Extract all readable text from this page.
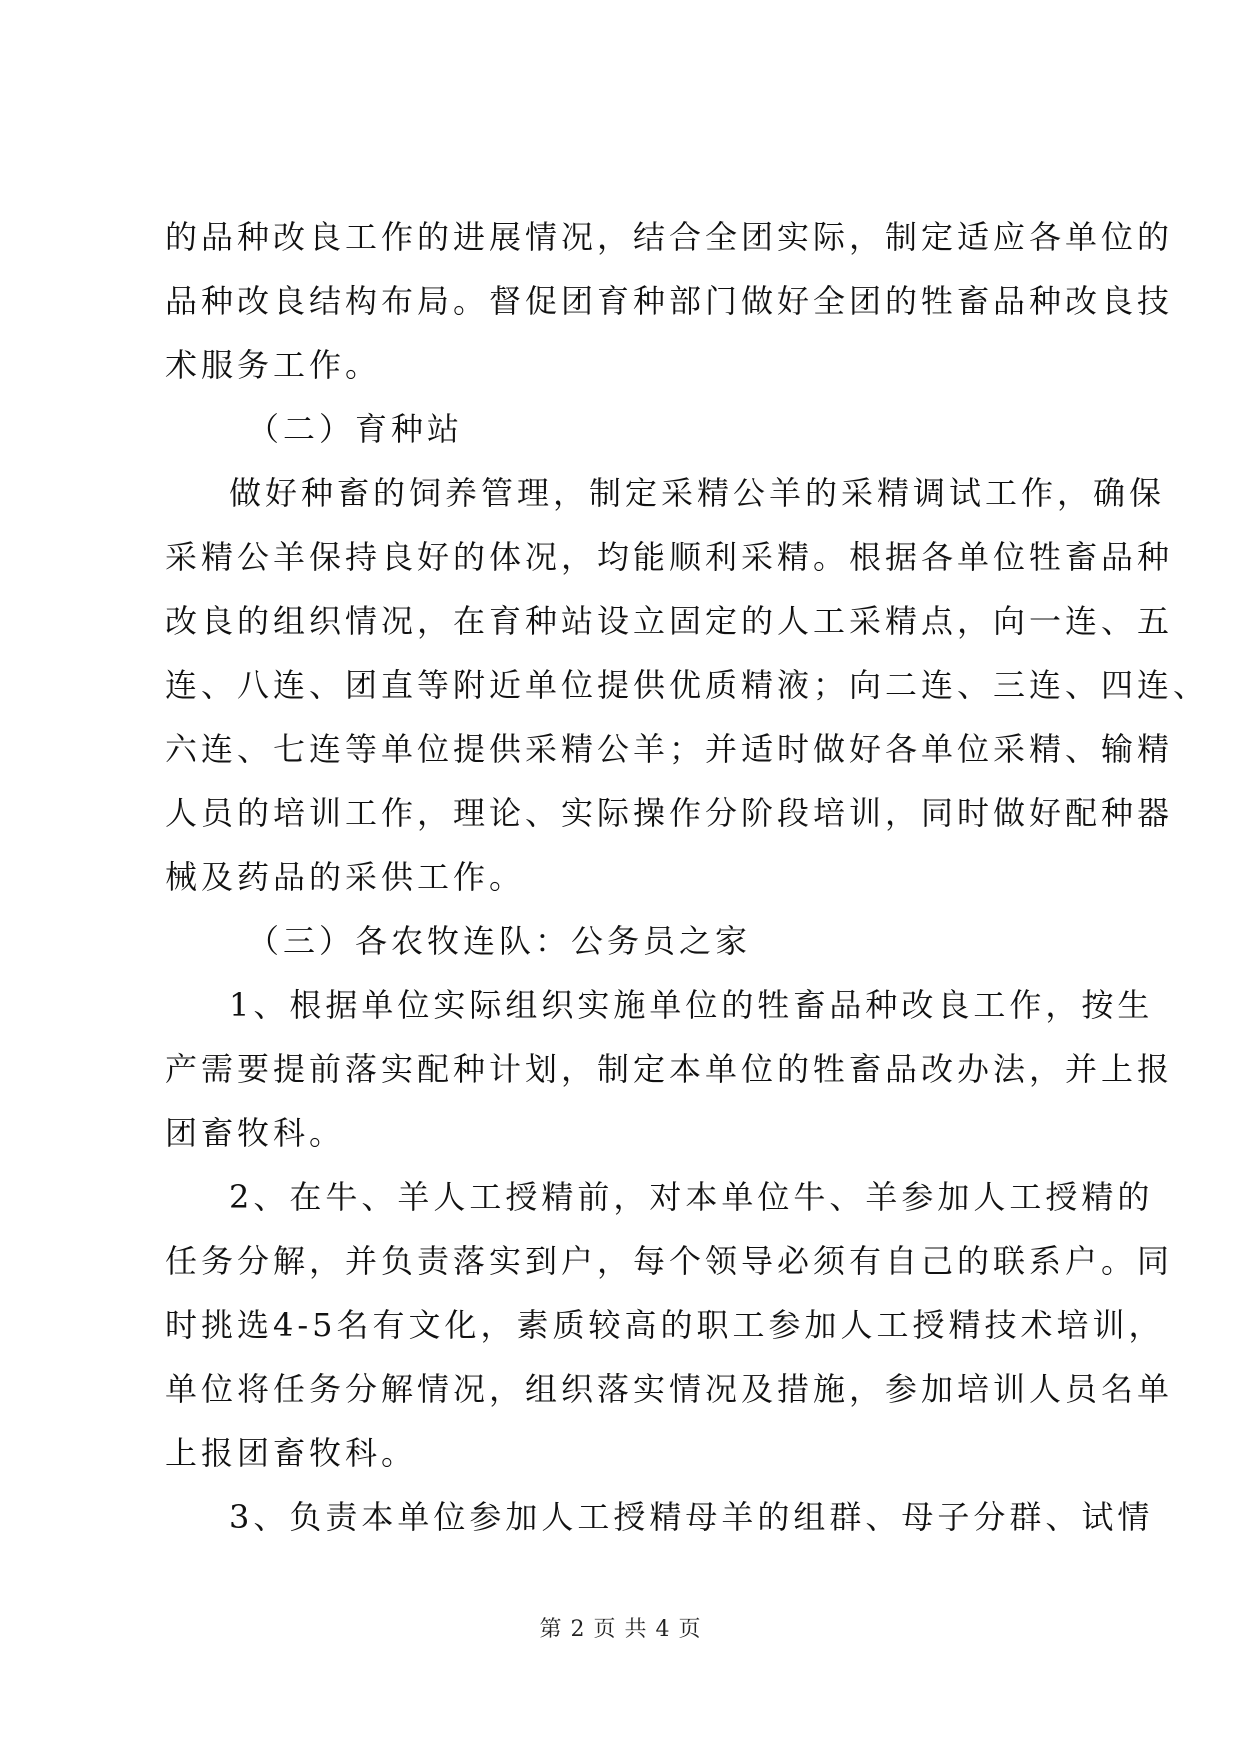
的品种改良工作的进展情况，结合全团实际，制定适应各单位的
品种改良结构布局。督促团育种部门做好全团的牲畜品种改良技
术服务工作。
（二）育种站
做好种畜的饲养管理，制定采精公羊的采精调试工作，确保
采精公羊保持良好的体况，均能顺利采精。根据各单位牲畜品种
改良的组织情况，在育种站设立固定的人工采精点，向一连、五
连、八连、团直等附近单位提供优质精液；向二连、三连、四连、
六连、七连等单位提供采精公羊；并适时做好各单位采精、输精
人员的培训工作，理论、实际操作分阶段培训，同时做好配种器
械及药品的采供工作。
（三）各农牧连队：公务员之家
1、根据单位实际组织实施单位的牲畜品种改良工作，按生
产需要提前落实配种计划，制定本单位的牲畜品改办法，并上报
团畜牧科。
2、在牛、羊人工授精前，对本单位牛、羊参加人工授精的
任务分解，并负责落实到户，每个领导必须有自己的联系户。同
时挑选4-5名有文化，素质较高的职工参加人工授精技术培训，
单位将任务分解情况，组织落实情况及措施，参加培训人员名单
上报团畜牧科。
3、负责本单位参加人工授精母羊的组群、母子分群、试情
第 2 页 共 4 页
